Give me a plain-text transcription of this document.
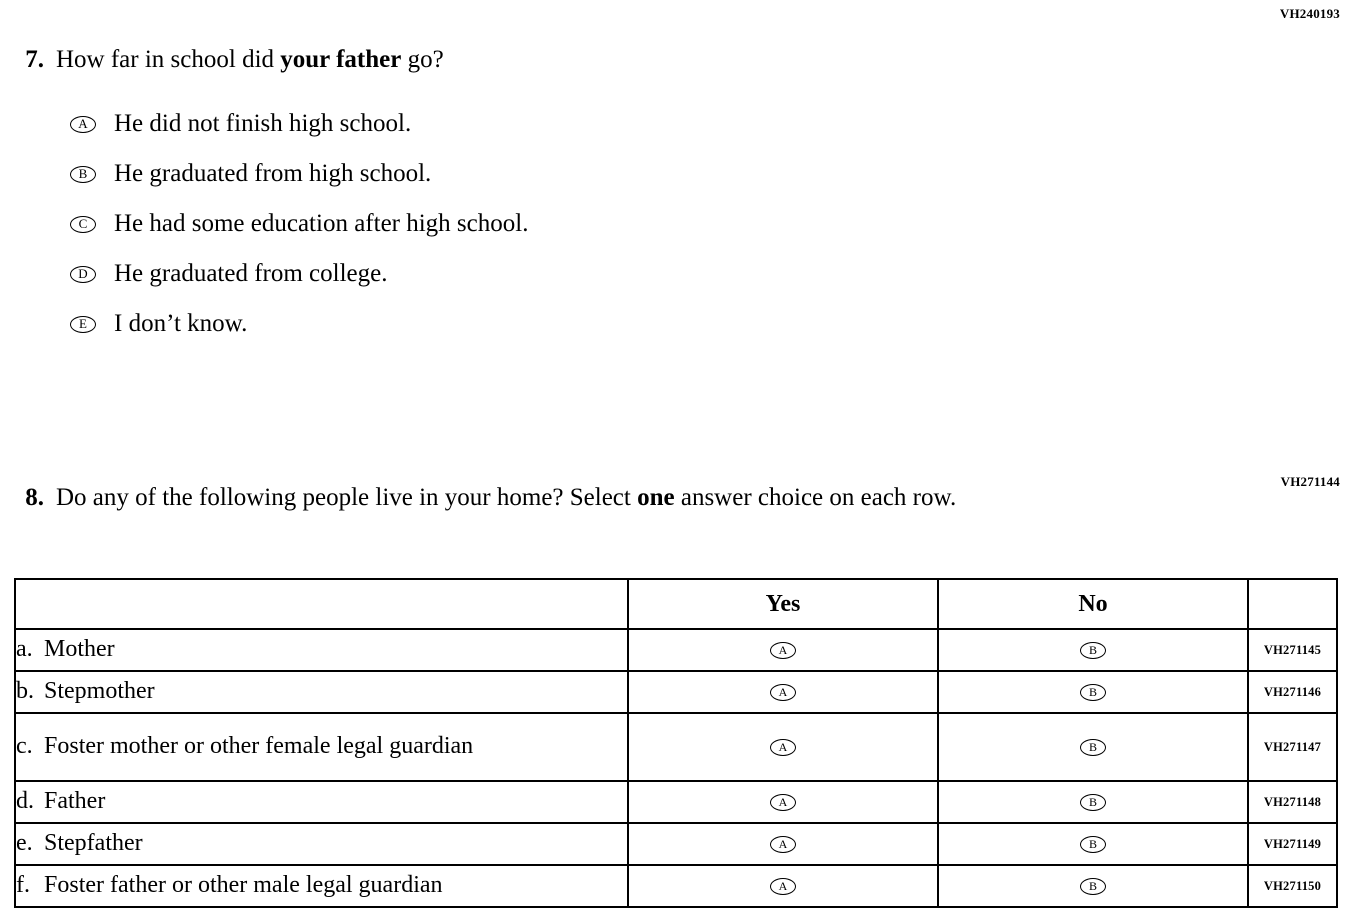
VH240193
7. How far in school did your father go?
A He did not finish high school.
B He graduated from high school.
C He had some education after high school.
D He graduated from college.
E I don’t know.
VH271144
8. Do any of the following people live in your home? Select one answer choice on each row.
	Yes	No	
a. Mother	A	B	VH271145
b. Stepmother	A	B	VH271146
c. Foster mother or other female legal guardian	A	B	VH271147
d. Father	A	B	VH271148
e. Stepfather	A	B	VH271149
f. Foster father or other male legal guardian	A	B	VH271150
